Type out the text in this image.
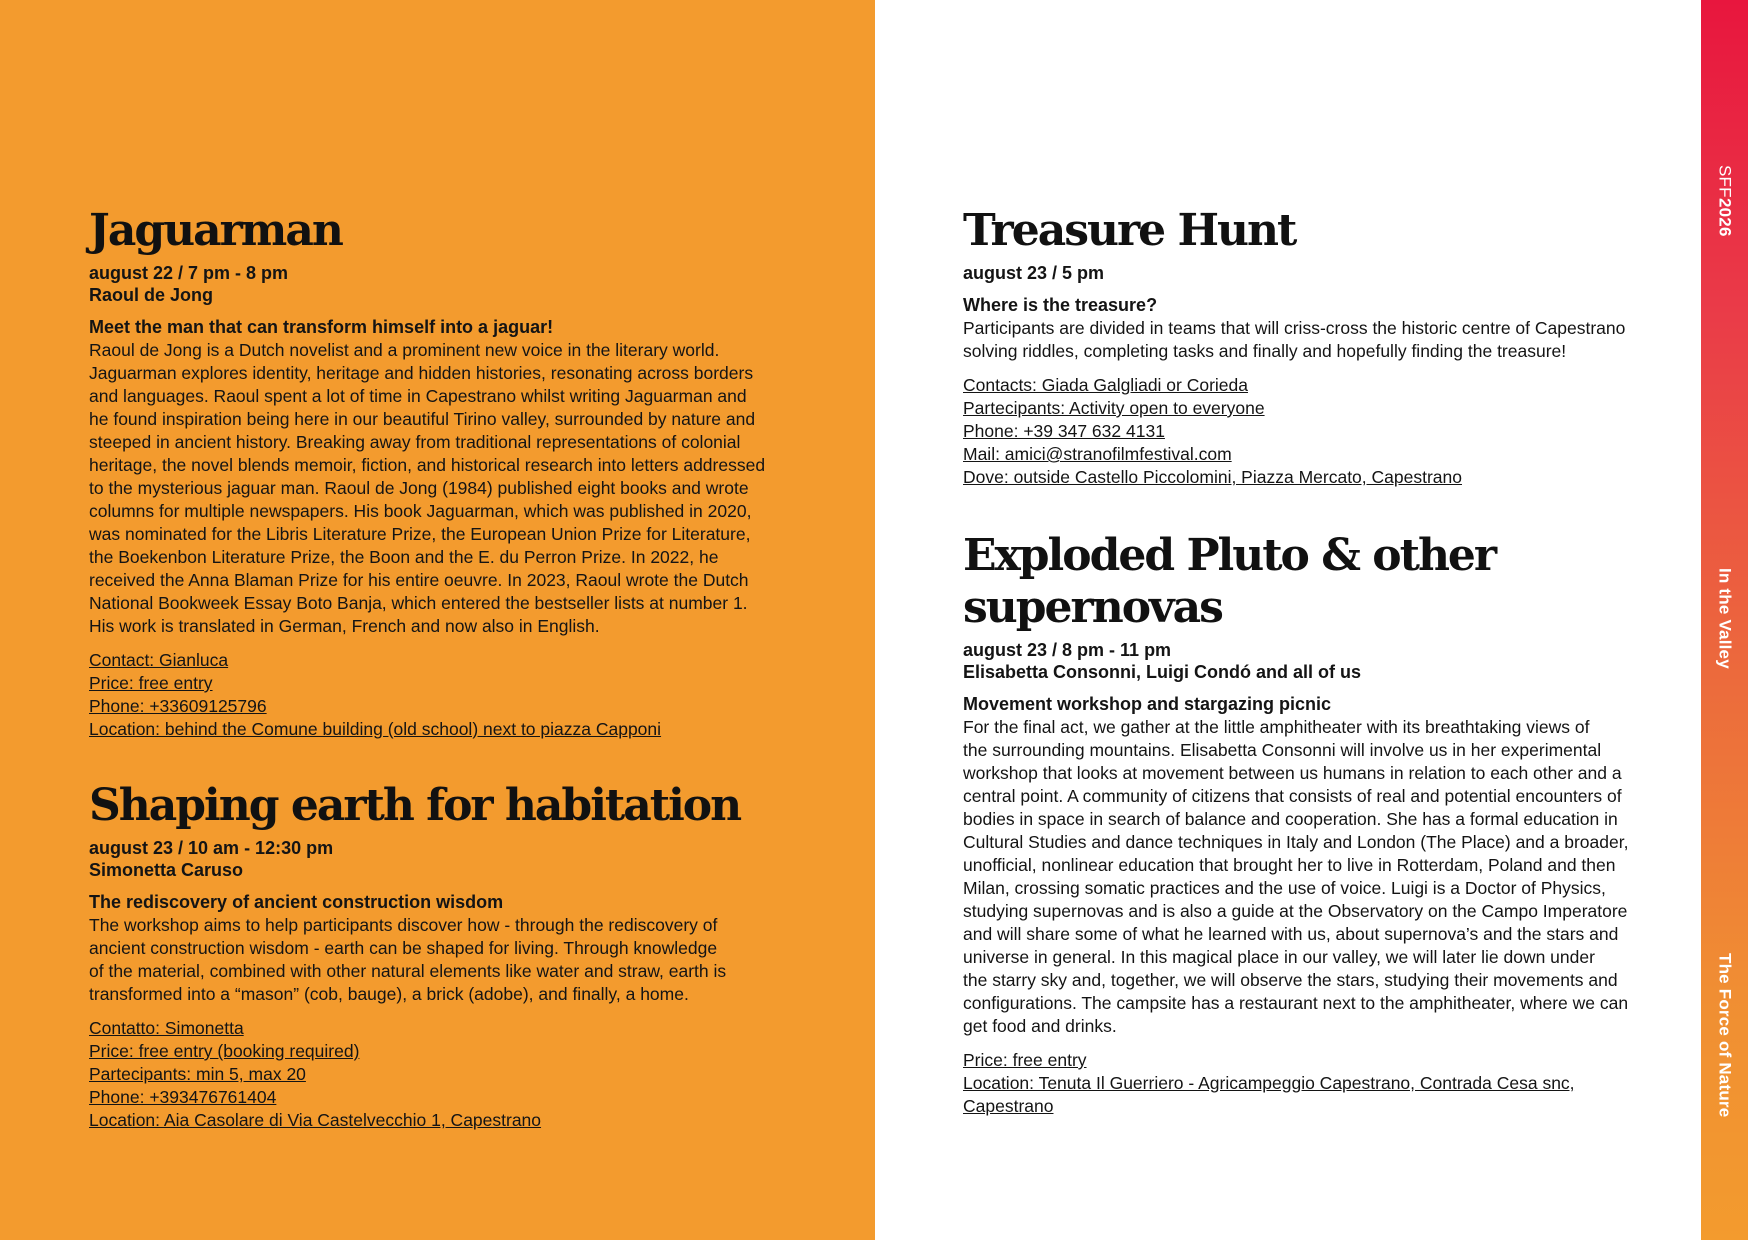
SFF
2026
In the Valley
The Force of Nature
Jaguarman
august 22 / 7 pm - 8 pm
Raoul de Jong
Meet the man that can transform himself into a jaguar!

Raoul de Jong is a Dutch novelist and a prominent new voice in the literary world.
Jaguarman explores identity, heritage and hidden histories, resonating across borders
and languages. Raoul spent a lot of time in Capestrano whilst writing Jaguarman and
he found inspiration being here in our beautiful Tirino valley, surrounded by nature and
steeped in ancient history. Breaking away from traditional representations of colonial
heritage, the novel blends memoir, fiction, and historical research into letters addressed
to the mysterious jaguar man. Raoul de Jong (1984) published eight books and wrote
columns for multiple newspapers. His book Jaguarman, which was published in 2020,
was nominated for the Libris Literature Prize, the European Union Prize for Literature,
the Boekenbon Literature Prize, the Boon and the E. du Perron Prize. In 2022, he
received the Anna Blaman Prize for his entire oeuvre. In 2023, Raoul wrote the Dutch
National Bookweek Essay Boto Banja, which entered the bestseller lists at number 1.
His work is translated in German, French and now also in English.

Contact: Gianluca
Price: free entry
Phone: +33609125796
Location: behind the Comune building (old school) next to piazza Capponi
Shaping earth for habitation
august 23 / 10 am - 12:30 pm
Simonetta Caruso
The rediscovery of ancient construction wisdom

The workshop aims to help participants discover how - through the rediscovery of
ancient construction wisdom - earth can be shaped for living. Through knowledge
of the material, combined with other natural elements like water and straw, earth is
transformed into a “mason” (cob, bauge), a brick (adobe), and finally, a home.

Contatto: Simonetta
Price: free entry (booking required)
Partecipants: min 5, max 20
Phone: +393476761404
Location: Aia Casolare di Via Castelvecchio 1, Capestrano
Treasure Hunt
august 23 / 5 pm
Where is the treasure?

Participants are divided in teams that will criss-cross the historic centre of Capestrano
solving riddles, completing tasks and finally and hopefully finding the treasure!

Contacts: Giada Galgliadi or Corieda
Partecipants: Activity open to everyone
Phone: +39 347 632 4131
Mail: amici@stranofilmfestival.com
Dove: outside Castello Piccolomini, Piazza Mercato, Capestrano
Exploded Pluto & other supernovas
august 23 / 8 pm - 11 pm
Elisabetta Consonni, Luigi Condó and all of us
Movement workshop and stargazing picnic

For the final act, we gather at the little amphitheater with its breathtaking views of
the surrounding mountains. Elisabetta Consonni will involve us in her experimental
workshop that looks at movement between us humans in relation to each other and a
central point. A community of citizens that consists of real and potential encounters of
bodies in space in search of balance and cooperation. She has a formal education in
Cultural Studies and dance techniques in Italy and London (The Place) and a broader,
unofficial, nonlinear education that brought her to live in Rotterdam, Poland and then
Milan, crossing somatic practices and the use of voice. Luigi is a Doctor of Physics,
studying supernovas and is also a guide at the Observatory on the Campo Imperatore
and will share some of what he learned with us, about supernova’s and the stars and
universe in general. In this magical place in our valley, we will later lie down under
the starry sky and, together, we will observe the stars, studying their movements and
configurations. The campsite has a restaurant next to the amphitheater, where we can
get food and drinks.

Price: free entry
Location: Tenuta Il Guerriero - Agricampeggio Capestrano, Contrada Cesa snc,
Capestrano
